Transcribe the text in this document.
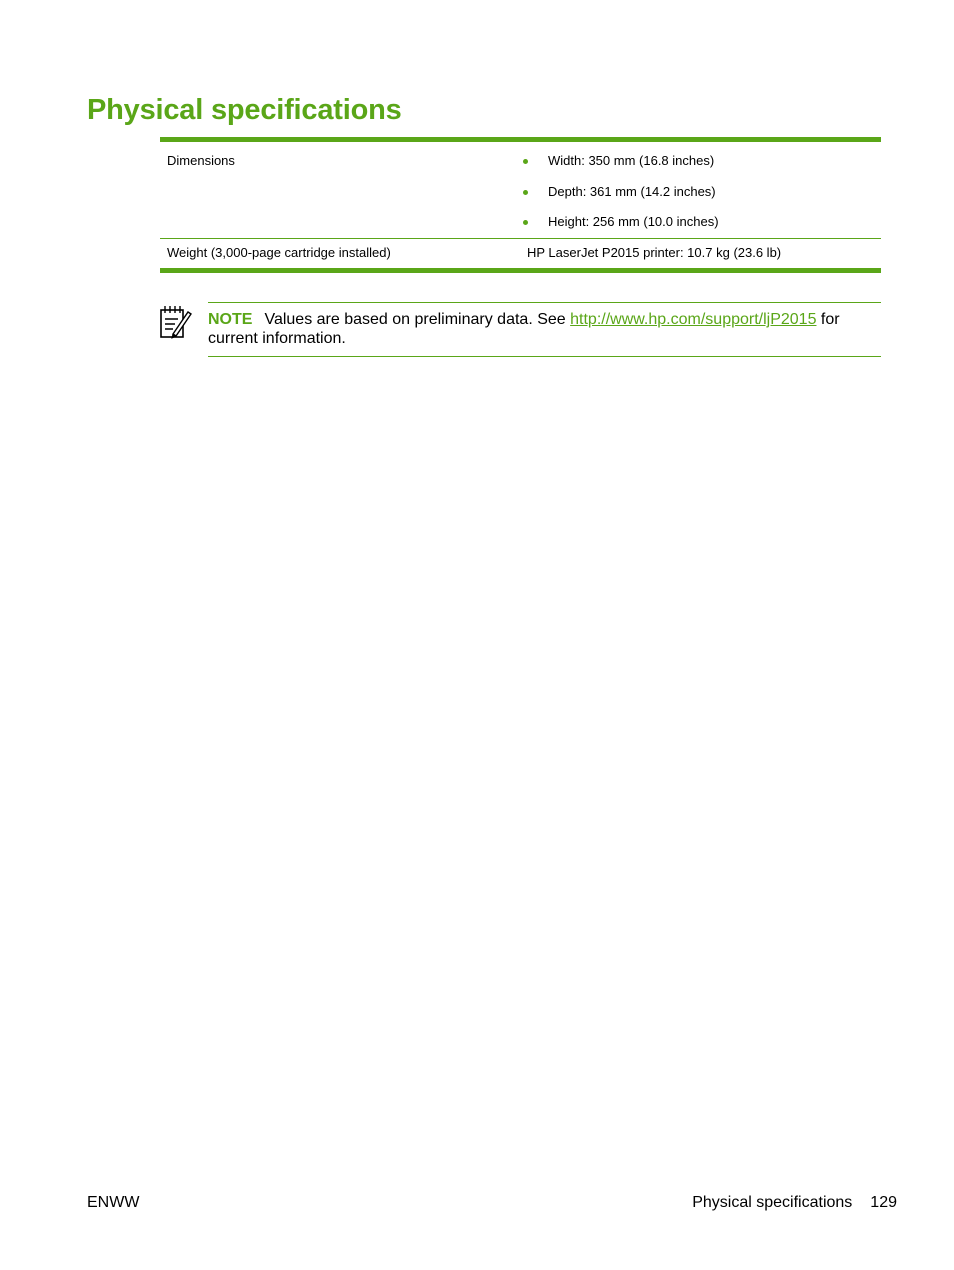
Physical specifications
Dimensions	Width: 350 mm (16.8 inches)
Depth: 361 mm (14.2 inches)
Height: 256 mm (10.0 inches)
Weight (3,000-page cartridge installed)	HP LaserJet P2015 printer: 10.7 kg (23.6 lb)
NOTE Values are based on preliminary data. See http://www.hp.com/support/ljP2015 for current information.
ENWW	Physical specifications 129
